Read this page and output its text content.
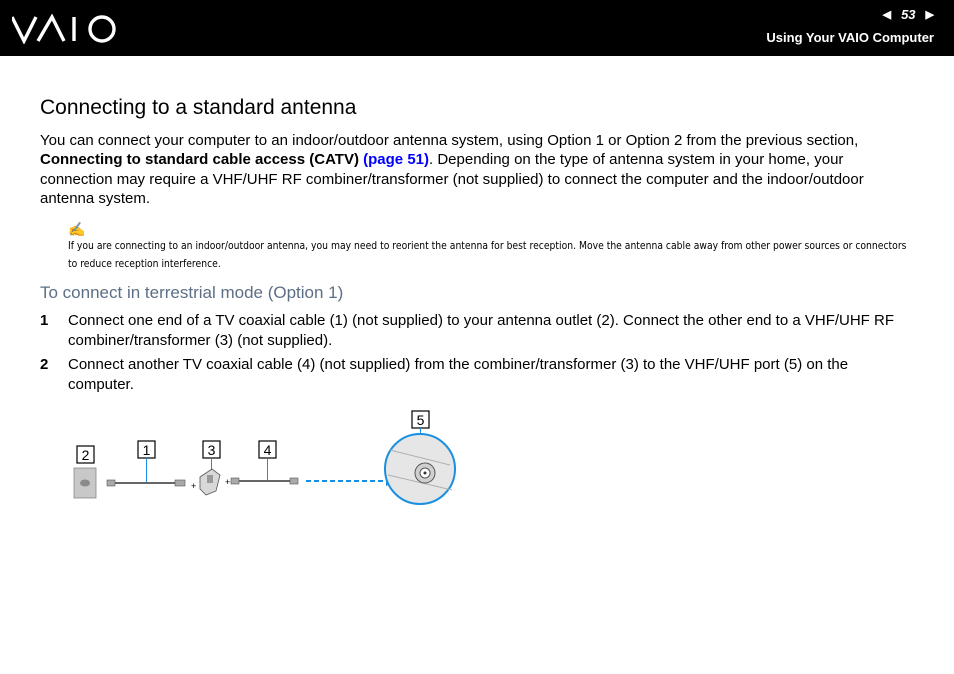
◀ 53 ▶
Using Your VAIO Computer
Connecting to a standard antenna

You can connect your computer to an indoor/outdoor antenna system, using Option 1 or Option 2 from the previous section, Connecting to standard cable access (CATV) (page 51). Depending on the type of antenna system in your home, your connection may require a VHF/UHF RF combiner/transformer (not supplied) to connect the computer and the indoor/outdoor antenna system.

✍

If you are connecting to an indoor/outdoor antenna, you may need to reorient the antenna for best reception. Move the antenna cable away from other power sources or connectors to reduce reception interference.

To connect in terrestrial mode (Option 1)
1 Connect one end of a TV coaxial cable (1) (not supplied) to your antenna outlet (2). Connect the other end to a VHF/UHF RF combiner/transformer (3) (not supplied).
2 Connect another TV coaxial cable (4) (not supplied) from the combiner/transformer (3) to the VHF/UHF port (5) on the computer.
2	1	3
+	+
4
5
